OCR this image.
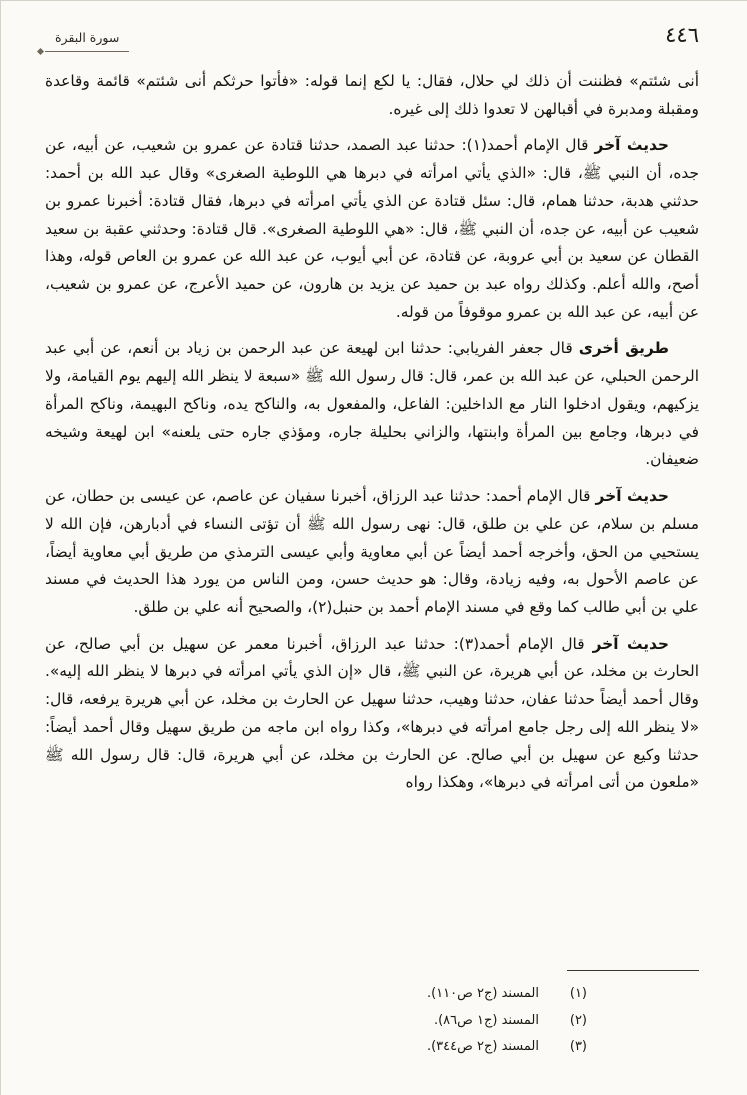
٤٤٦
سورة البقرة

أنى شئتم» فظننت أن ذلك لي حلال، فقال: يا لكع إنما قوله: «فأتوا حرثكم أنى شئتم» قائمة وقاعدة ومقبلة ومدبرة في أقبالهن لا تعدوا ذلك إلى غيره.

حديث آخر قال الإمام أحمد(١): حدثنا عبد الصمد، حدثنا قتادة عن عمرو بن شعيب، عن أبيه، عن جده، أن النبي ﷺ، قال: «الذي يأتي امرأته في دبرها هي اللوطية الصغرى» وقال عبد الله بن أحمد: حدثني هدبة، حدثنا همام، قال: سئل قتادة عن الذي يأتي امرأته في دبرها، فقال قتادة: أخبرنا عمرو بن شعيب عن أبيه، عن جده، أن النبي ﷺ، قال: «هي اللوطية الصغرى». قال قتادة: وحدثني عقبة بن سعيد القطان عن سعيد بن أبي عروبة، عن قتادة، عن أبي أيوب، عن عبد الله عن عمرو بن العاص قوله، وهذا أصح، والله أعلم. وكذلك رواه عبد بن حميد عن يزيد بن هارون، عن حميد الأعرج، عن عمرو بن شعيب، عن أبيه، عن عبد الله بن عمرو موقوفاً من قوله.

طريق أخرى قال جعفر الفريابي: حدثنا ابن لهيعة عن عبد الرحمن بن زياد بن أنعم، عن أبي عبد الرحمن الحبلي، عن عبد الله بن عمر، قال: قال رسول الله ﷺ «سبعة لا ينظر الله إليهم يوم القيامة، ولا يزكيهم، ويقول ادخلوا النار مع الداخلين: الفاعل، والمفعول به، والناكح يده، وناكح البهيمة، وناكح المرأة في دبرها، وجامع بين المرأة وابنتها، والزاني بحليلة جاره، ومؤذي جاره حتى يلعنه» ابن لهيعة وشيخه ضعيفان.

حديث آخر قال الإمام أحمد: حدثنا عبد الرزاق، أخبرنا سفيان عن عاصم، عن عيسى بن حطان، عن مسلم بن سلام، عن علي بن طلق، قال: نهى رسول الله ﷺ أن تؤتى النساء في أدبارهن، فإن الله لا يستحيي من الحق، وأخرجه أحمد أيضاً عن أبي معاوية وأبي عيسى الترمذي من طريق أبي معاوية أيضاً، عن عاصم الأحول به، وفيه زيادة، وقال: هو حديث حسن، ومن الناس من يورد هذا الحديث في مسند علي بن أبي طالب كما وقع في مسند الإمام أحمد بن حنبل(٢)، والصحيح أنه علي بن طلق.

حديث آخر قال الإمام أحمد(٣): حدثنا عبد الرزاق، أخبرنا معمر عن سهيل بن أبي صالح، عن الحارث بن مخلد، عن أبي هريرة، عن النبي ﷺ، قال «إن الذي يأتي امرأته في دبرها لا ينظر الله إليه». وقال أحمد أيضاً حدثنا عفان، حدثنا وهيب، حدثنا سهيل عن الحارث بن مخلد، عن أبي هريرة يرفعه، قال: «لا ينظر الله إلى رجل جامع امرأته في دبرها»، وكذا رواه ابن ماجه من طريق سهيل وقال أحمد أيضاً: حدثنا وكيع عن سهيل بن أبي صالح. عن الحارث بن مخلد، عن أبي هريرة، قال: قال رسول الله ﷺ «ملعون من أتى امرأته في دبرها»، وهكذا رواه

(١)
المسند (ج٢ ص١١٠).
(٢)
المسند (ج١ ص٨٦).
(٣)
المسند (ج٢ ص٣٤٤).
